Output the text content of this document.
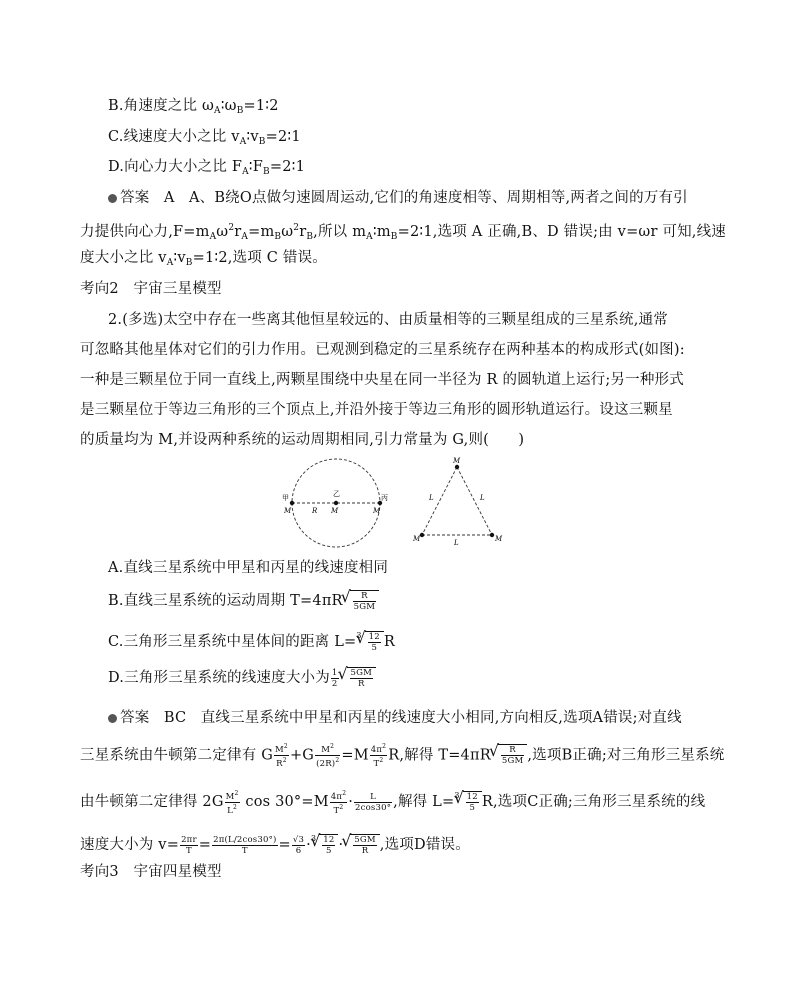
B.角速度之比 $\omega_A∶\omega_B=1∶2$
C.线速度大小之比 $v_A∶v_B=2∶1$
D.向心力大小之比 $F_A∶F_B=2∶1$
答案 A A、B绕O点做匀速圆周运动,它们的角速度相等、周期相等,两者之间的万有引
力提供向心力$,F=m_A\omega^2r_A=m_B\omega^2r_B$,所以 $m_A∶m_B=2∶1$,选项 A 正确,B、D 错误;由 v=ωr 可知,线速
度大小之比 $v_A∶v_B=1∶2$,选项 C 错误。
考向2　宇宙三星模型
2.(多选)太空中存在一些离其他恒星较远的、由质量相等的三颗星组成的三星系统,通常
可忽略其他星体对它们的引力作用。已观测到稳定的三星系统存在两种基本的构成形式(如图):
一种是三颗星位于同一直线上,两颗星围绕中央星在同一半径为 R 的圆轨道上运行;另一种形式
是三颗星位于等边三角形的三个顶点上,并沿外接于等边三角形的圆形轨道运行。设这三颗星
的质量均为 M,并设两种系统的运动周期相同,引力常量为 G,则(　　)
甲
M
乙
M
R
丙
M
M
M	M
L	L
L
A.直线三星系统中甲星和丙星的线速度相同
B.直线三星系统的运动周期 T=4πR √ $\frac{R}{5GM}$
C.三角形三星系统中星体间的距离 L=$^3$ √ $\frac{12}{5}$ R
D.三角形三星系统的线速度大小为 $\frac{1}{2}$ √ $\frac{5GM}{R}$
答案 BC 直线三星系统中甲星和丙星的线速度大小相同,方向相反,选项A错误;对直线
三星系统由牛顿第二定律有 G $\frac{M^2}{R^2} +G \frac{M^2}{(2R)^2} =M \frac{4\pi^2}{T^2} R$,解得 T=4πR √ $\frac{R}{5GM}$ ,选项B正确;对三角形三星系统
由牛顿第二定律得 $2G \frac{M^2}{L^2}$ $\cos 30^\circ=M \frac{4\pi^2}{T^2} \cdot \frac{L}{2\cos 30^\circ}$ ,解得 L=$^3$ √ $\frac{12}{5} R$,选项C正确;三角形三星系统的线
速度大小为 $v= \frac{2\pi r}{T} = \frac{2\pi(L/2\cos 30^\circ)}{T} = \frac{√3}{6} \cdot^3$ √ $\frac{12}{5}$ · √ $\frac{5GM}{R}$ ,选项D错误。
考向3　宇宙四星模型
